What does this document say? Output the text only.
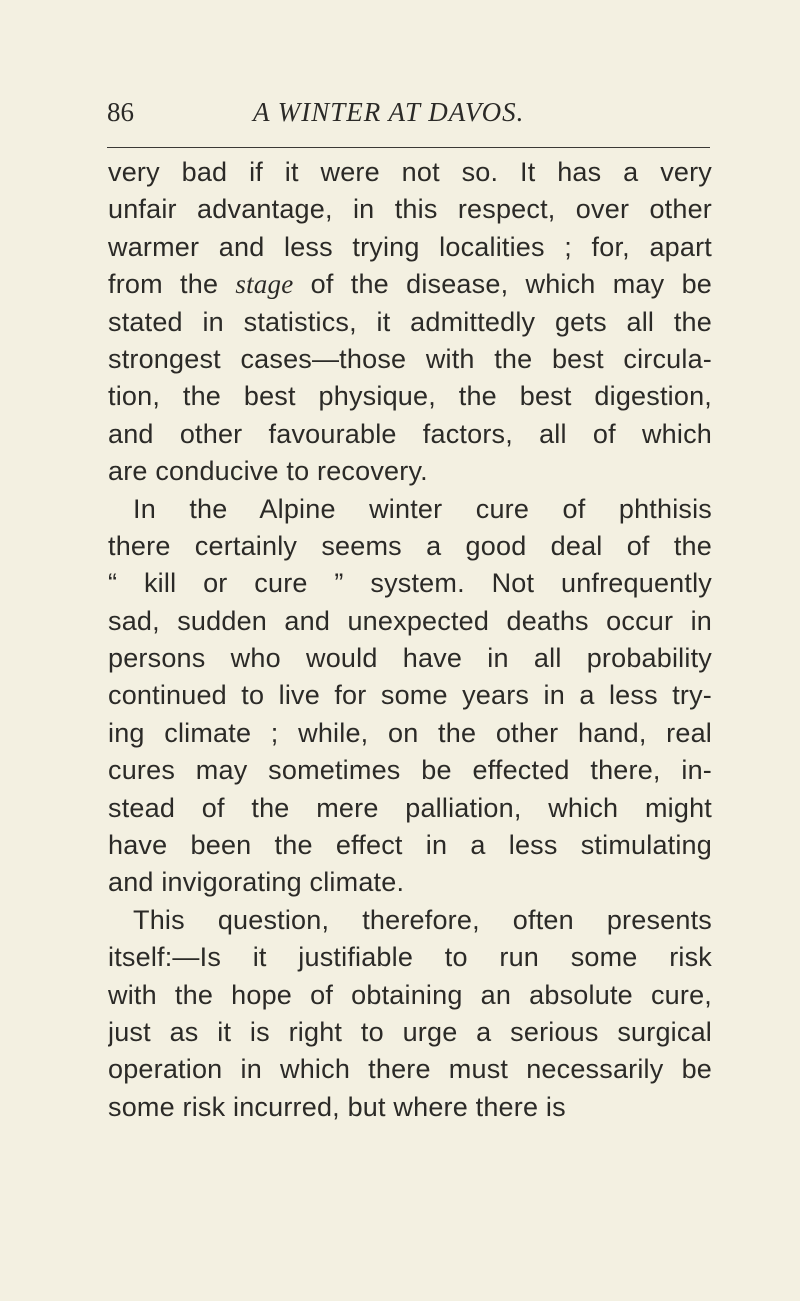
86	A WINTER AT DAVOS.
very bad if it were not so. It has a very
unfair advantage, in this respect, over other
warmer and less trying localities ; for, apart
from the stage of the disease, which may be
stated in statistics, it admittedly gets all the
strongest cases—those with the best circula-
tion, the best physique, the best digestion,
and other favourable factors, all of which
are conducive to recovery.
In the Alpine winter cure of phthisis
there certainly seems a good deal of the
“ kill or cure ” system. Not unfrequently
sad, sudden and unexpected deaths occur in
persons who would have in all probability
continued to live for some years in a less try-
ing climate ; while, on the other hand, real
cures may sometimes be effected there, in-
stead of the mere palliation, which might
have been the effect in a less stimulating
and invigorating climate.
This question, therefore, often presents
itself:—Is it justifiable to run some risk
with the hope of obtaining an absolute cure,
just as it is right to urge a serious surgical
operation in which there must necessarily be
some risk incurred, but where there is
